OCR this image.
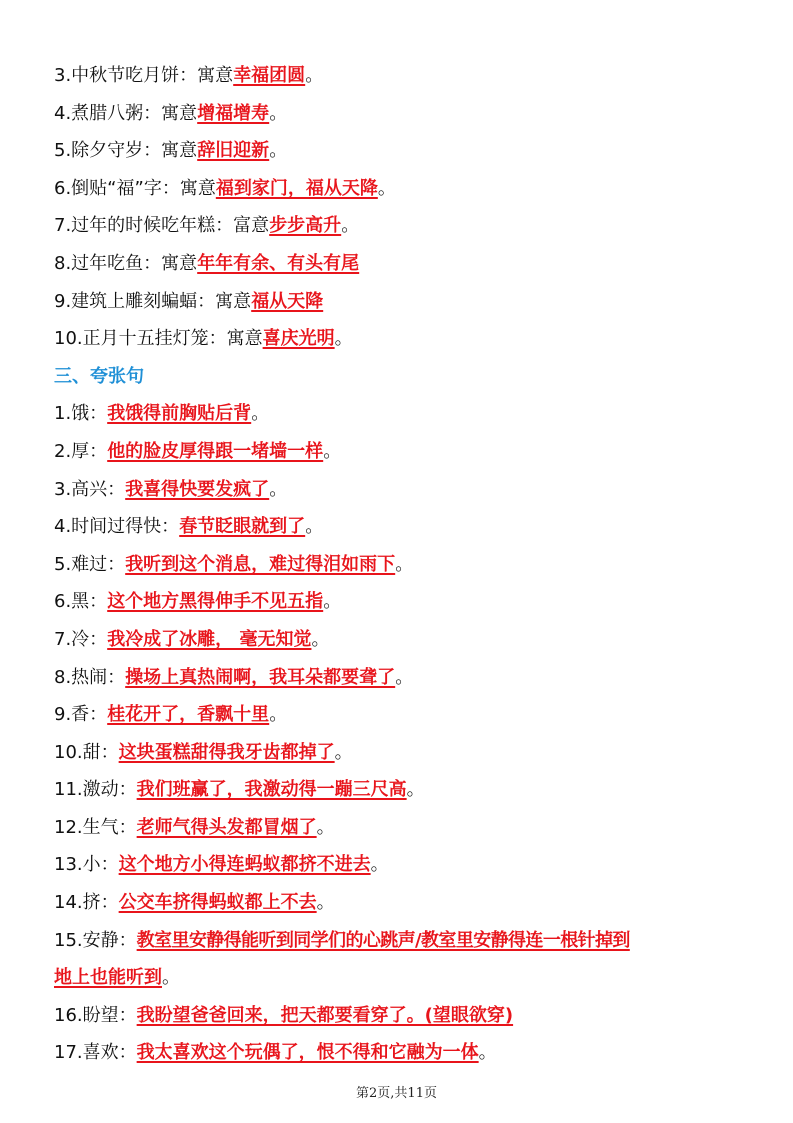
3.中秋节吃月饼：寓意幸福团圆。
4.煮腊八粥：寓意增福增寿。
5.除夕守岁：寓意辞旧迎新。
6.倒贴“福”字：寓意福到家门，福从天降。
7.过年的时候吃年糕：富意步步高升。
8.过年吃鱼：寓意年年有余、有头有尾
9.建筑上雕刻蝙蝠：寓意福从天降
10.正月十五挂灯笼：寓意喜庆光明。
三、夸张句
1.饿：我饿得前胸贴后背。
2.厚：他的脸皮厚得跟一堵墙一样。
3.高兴：我喜得快要发疯了。
4.时间过得快：春节眨眼就到了。
5.难过：我听到这个消息，难过得泪如雨下。
6.黑：这个地方黑得伸手不见五指。
7.冷：我冷成了冰雕， 毫无知觉。
8.热闹：操场上真热闹啊，我耳朵都要聋了。
9.香：桂花开了，香飘十里。
10.甜：这块蛋糕甜得我牙齿都掉了。
11.激动：我们班赢了，我激动得一蹦三尺高。
12.生气：老师气得头发都冒烟了。
13.小：这个地方小得连蚂蚁都挤不进去。
14.挤：公交车挤得蚂蚁都上不去。
15.安静：教室里安静得能听到同学们的心跳声/教室里安静得连一根针掉到
地上也能听到。
16.盼望：我盼望爸爸回来，把天都要看穿了。(望眼欲穿)
17.喜欢：我太喜欢这个玩偶了，恨不得和它融为一体。
第2页,共11页
